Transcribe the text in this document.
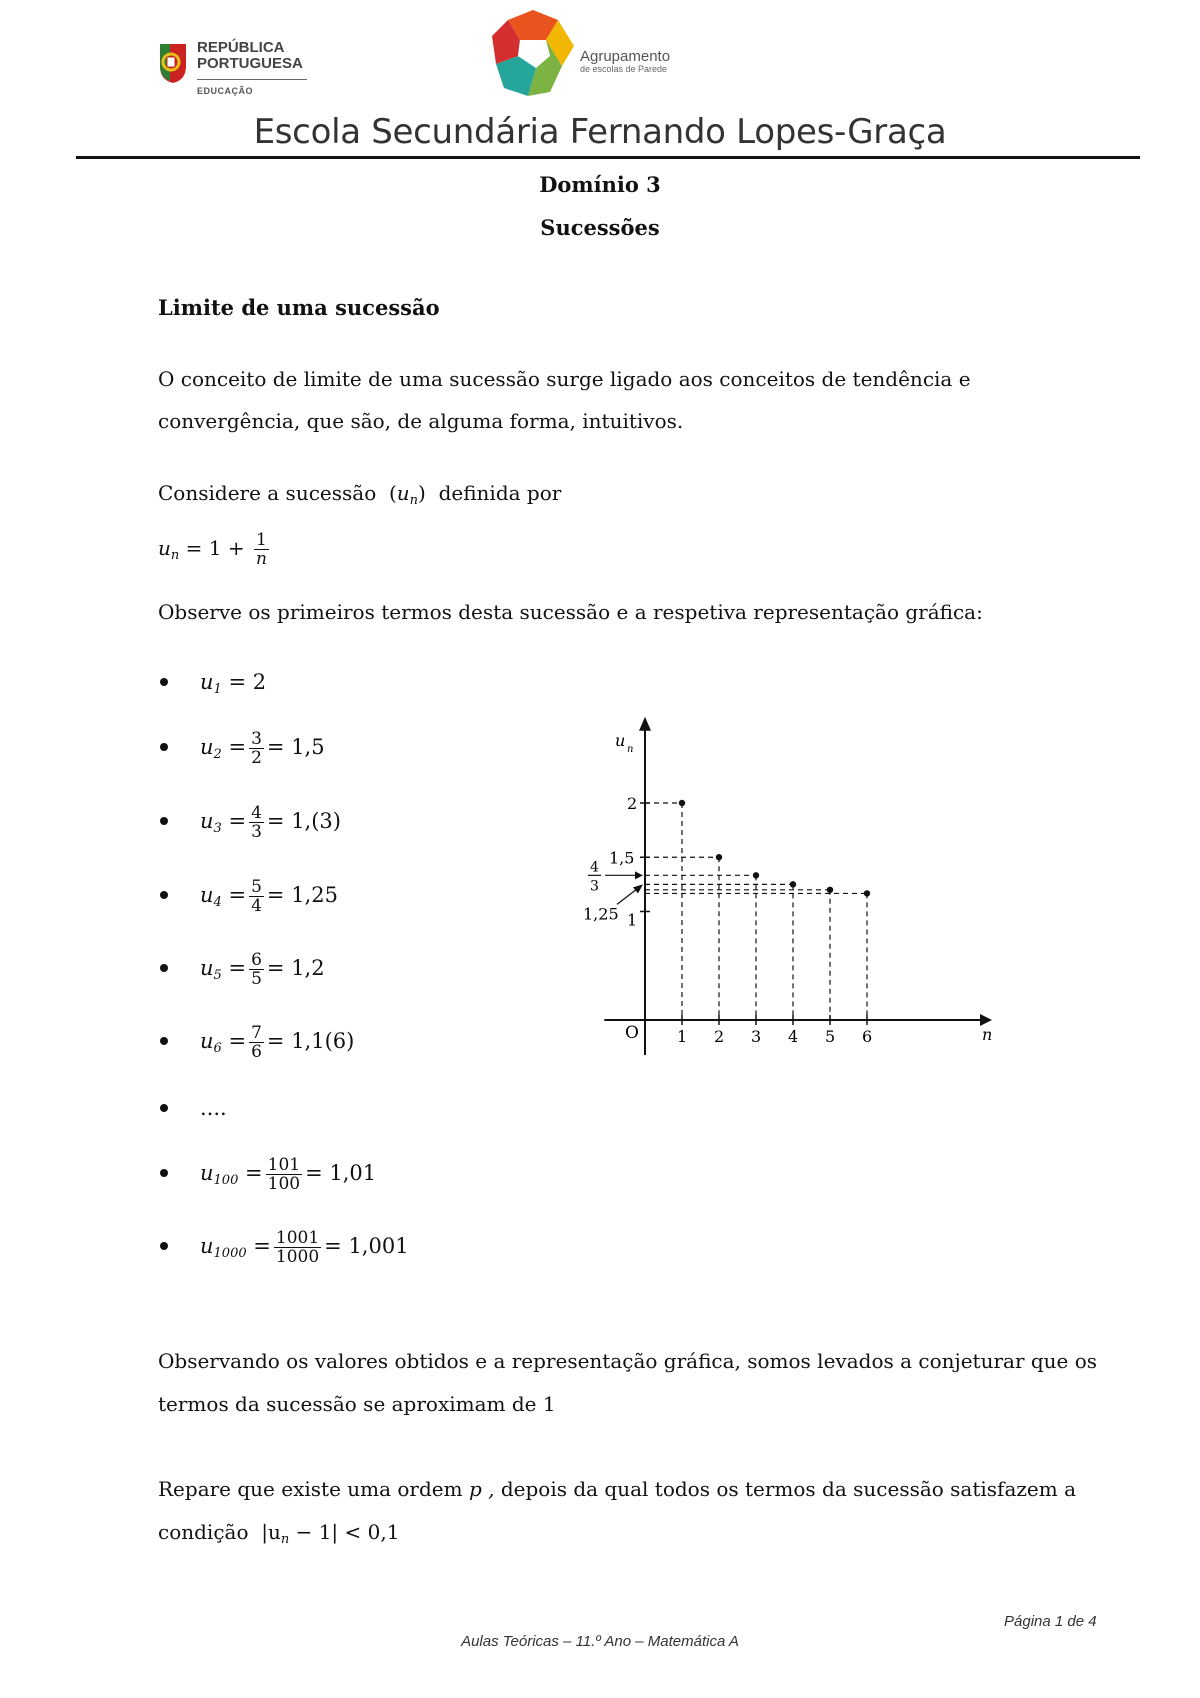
REPÚBLICA
PORTUGUESA
EDUCAÇÃO
Agrupamento
de escolas de Parede
Escola Secundária Fernando Lopes-Graça
Domínio 3
Sucessões
Limite de uma sucessão
O conceito de limite de uma sucessão surge ligado aos conceitos de tendência e
convergência, que são, de alguma forma, intuitivos.
Considere a sucessão  $(u_n)$  definida por
$u_n = 1 + \frac{1}{n}$
Observe os primeiros termos desta sucessão e a respetiva representação gráfica:
$u_1 = 2$
$u_2 = \frac{3}{2} = 1,5$
$u_3 = \frac{4}{3} = 1,(3)$
$u_4 = \frac{5}{4} = 1,25$
$u_5 = \frac{6}{5} = 1,2$
$u_6 = \frac{7}{6} = 1,1(6)$
....
$u_{100} = \frac{101}{100} = 1,01$
$u_{1000} = \frac{1001}{1000} = 1,001$
n
u n
O 1 2 3 4 5 6
2
1,5
1
4
3
1,25
Observando os valores obtidos e a representação gráfica, somos levados a conjeturar que os
termos da sucessão se aproximam de 1
Repare que existe uma ordem p , depois da qual todos os termos da sucessão satisfazem a
condição $|u_n - 1| < 0,1$
Página 1 de 4
Aulas Teóricas – 11.º Ano – Matemática A
